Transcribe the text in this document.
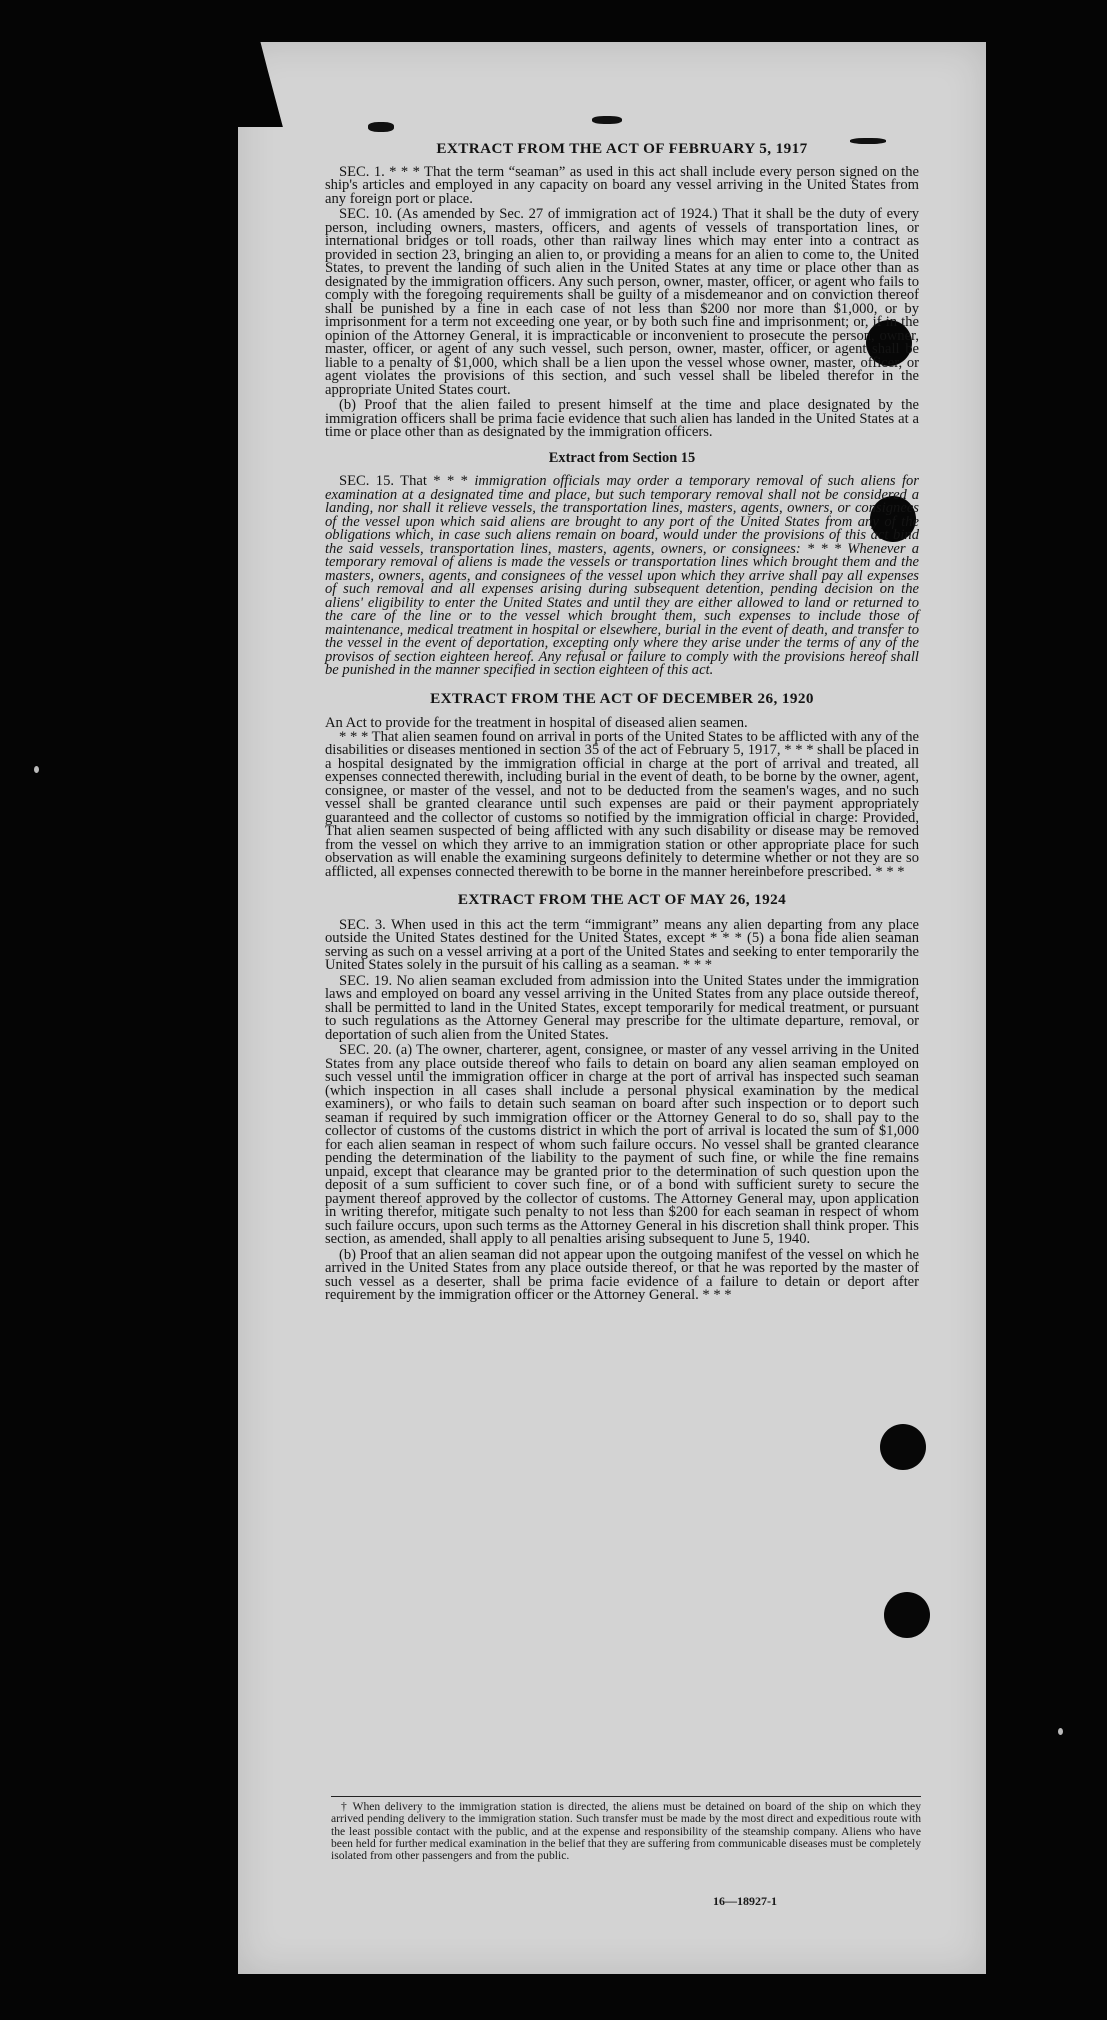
EXTRACT FROM THE ACT OF FEBRUARY 5, 1917

SEC. 1. * * * That the term “seaman” as used in this act shall include every person signed on the ship's articles and employed in any capacity on board any vessel arriving in the United States from any foreign port or place.

SEC. 10. (As amended by Sec. 27 of immigration act of 1924.) That it shall be the duty of every person, including owners, masters, officers, and agents of vessels of transportation lines, or international bridges or toll roads, other than railway lines which may enter into a contract as provided in section 23, bringing an alien to, or providing a means for an alien to come to, the United States, to prevent the landing of such alien in the United States at any time or place other than as designated by the immigration officers. Any such person, owner, master, officer, or agent who fails to comply with the foregoing requirements shall be guilty of a misdemeanor and on conviction thereof shall be punished by a fine in each case of not less than $200 nor more than $1,000, or by imprisonment for a term not exceeding one year, or by both such fine and imprisonment; or, if in the opinion of the Attorney General, it is impracticable or inconvenient to prosecute the person, owner, master, officer, or agent of any such vessel, such person, owner, master, officer, or agent shall be liable to a penalty of $1,000, which shall be a lien upon the vessel whose owner, master, officer, or agent violates the provisions of this section, and such vessel shall be libeled therefor in the appropriate United States court.

(b) Proof that the alien failed to present himself at the time and place designated by the immigration officers shall be prima facie evidence that such alien has landed in the United States at a time or place other than as designated by the immigration officers.

Extract from Section 15

SEC. 15. That * * * immigration officials may order a temporary removal of such aliens for examination at a designated time and place, but such temporary removal shall not be considered a landing, nor shall it relieve vessels, the transportation lines, masters, agents, owners, or consignees of the vessel upon which said aliens are brought to any port of the United States from any of the obligations which, in case such aliens remain on board, would under the provisions of this act bind the said vessels, transportation lines, masters, agents, owners, or consignees: * * * Whenever a temporary removal of aliens is made the vessels or transportation lines which brought them and the masters, owners, agents, and consignees of the vessel upon which they arrive shall pay all expenses of such removal and all expenses arising during subsequent detention, pending decision on the aliens' eligibility to enter the United States and until they are either allowed to land or returned to the care of the line or to the vessel which brought them, such expenses to include those of maintenance, medical treatment in hospital or elsewhere, burial in the event of death, and transfer to the vessel in the event of deportation, excepting only where they arise under the terms of any of the provisos of section eighteen hereof. Any refusal or failure to comply with the provisions hereof shall be punished in the manner specified in section eighteen of this act.

EXTRACT FROM THE ACT OF DECEMBER 26, 1920

An Act to provide for the treatment in hospital of diseased alien seamen.

* * * That alien seamen found on arrival in ports of the United States to be afflicted with any of the disabilities or diseases mentioned in section 35 of the act of February 5, 1917, * * * shall be placed in a hospital designated by the immigration official in charge at the port of arrival and treated, all expenses connected therewith, including burial in the event of death, to be borne by the owner, agent, consignee, or master of the vessel, and not to be deducted from the seamen's wages, and no such vessel shall be granted clearance until such expenses are paid or their payment appropriately guaranteed and the collector of customs so notified by the immigration official in charge: Provided, That alien seamen suspected of being afflicted with any such disability or disease may be removed from the vessel on which they arrive to an immigration station or other appropriate place for such observation as will enable the examining surgeons definitely to determine whether or not they are so afflicted, all expenses connected therewith to be borne in the manner hereinbefore prescribed. * * *

EXTRACT FROM THE ACT OF MAY 26, 1924

SEC. 3. When used in this act the term “immigrant” means any alien departing from any place outside the United States destined for the United States, except * * * (5) a bona fide alien seaman serving as such on a vessel arriving at a port of the United States and seeking to enter temporarily the United States solely in the pursuit of his calling as a seaman. * * *

SEC. 19. No alien seaman excluded from admission into the United States under the immigration laws and employed on board any vessel arriving in the United States from any place outside thereof, shall be permitted to land in the United States, except temporarily for medical treatment, or pursuant to such regulations as the Attorney General may prescribe for the ultimate departure, removal, or deportation of such alien from the United States.

SEC. 20. (a) The owner, charterer, agent, consignee, or master of any vessel arriving in the United States from any place outside thereof who fails to detain on board any alien seaman employed on such vessel until the immigration officer in charge at the port of arrival has inspected such seaman (which inspection in all cases shall include a personal physical examination by the medical examiners), or who fails to detain such seaman on board after such inspection or to deport such seaman if required by such immigration officer or the Attorney General to do so, shall pay to the collector of customs of the customs district in which the port of arrival is located the sum of $1,000 for each alien seaman in respect of whom such failure occurs. No vessel shall be granted clearance pending the determination of the liability to the payment of such fine, or while the fine remains unpaid, except that clearance may be granted prior to the determination of such question upon the deposit of a sum sufficient to cover such fine, or of a bond with sufficient surety to secure the payment thereof approved by the collector of customs. The Attorney General may, upon application in writing therefor, mitigate such penalty to not less than $200 for each seaman in respect of whom such failure occurs, upon such terms as the Attorney General in his discretion shall think proper. This section, as amended, shall apply to all penalties arising subsequent to June 5, 1940.

(b) Proof that an alien seaman did not appear upon the outgoing manifest of the vessel on which he arrived in the United States from any place outside thereof, or that he was reported by the master of such vessel as a deserter, shall be prima facie evidence of a failure to detain or deport after requirement by the immigration officer or the Attorney General. * * *

† When delivery to the immigration station is directed, the aliens must be detained on board of the ship on which they arrived pending delivery to the immigration station. Such transfer must be made by the most direct and expeditious route with the least possible contact with the public, and at the expense and responsibility of the steamship company. Aliens who have been held for further medical examination in the belief that they are suffering from communicable diseases must be completely isolated from other passengers and from the public.

16—18927-1
